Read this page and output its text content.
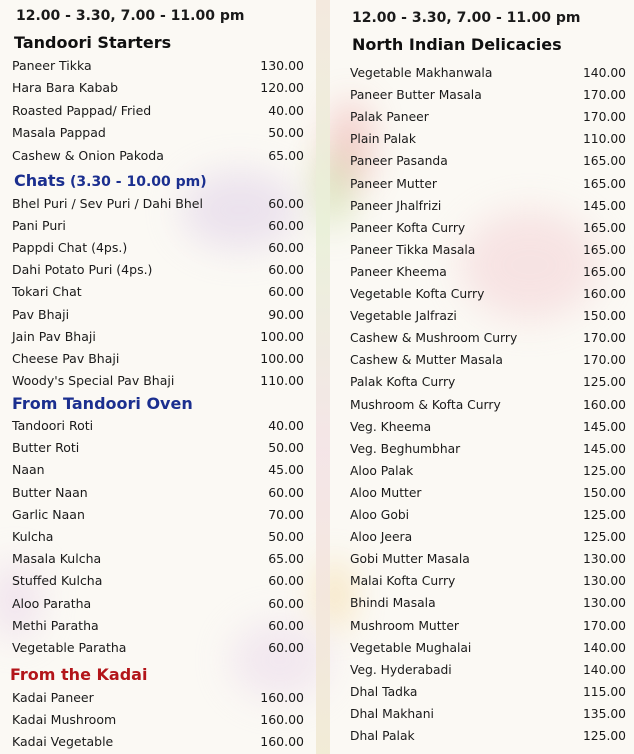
12.00 - 3.30, 7.00 - 11.00 pm
Tandoori Starters
Paneer Tikka	130.00
Hara Bara Kabab	120.00
Roasted Pappad/ Fried	40.00
Masala Pappad	50.00
Cashew & Onion Pakoda	65.00
Chats (3.30 - 10.00 pm)
Bhel Puri / Sev Puri / Dahi Bhel	60.00
Pani Puri	60.00
Pappdi Chat (4ps.)	60.00
Dahi Potato Puri (4ps.)	60.00
Tokari Chat	60.00
Pav Bhaji	90.00
Jain Pav Bhaji	100.00
Cheese Pav Bhaji	100.00
Woody's Special Pav Bhaji	110.00
From Tandoori Oven
Tandoori Roti	40.00
Butter Roti	50.00
Naan	45.00
Butter Naan	60.00
Garlic Naan	70.00
Kulcha	50.00
Masala Kulcha	65.00
Stuffed Kulcha	60.00
Aloo Paratha	60.00
Methi Paratha	60.00
Vegetable Paratha	60.00
From the Kadai
Kadai Paneer	160.00
Kadai Mushroom	160.00
Kadai Vegetable	160.00
12.00 - 3.30, 7.00 - 11.00 pm
North Indian Delicacies
Vegetable Makhanwala	140.00
Paneer Butter Masala	170.00
Palak Paneer	170.00
Plain Palak	110.00
Paneer Pasanda	165.00
Paneer Mutter	165.00
Paneer Jhalfrizi	145.00
Paneer Kofta Curry	165.00
Paneer Tikka Masala	165.00
Paneer Kheema	165.00
Vegetable Kofta Curry	160.00
Vegetable Jalfrazi	150.00
Cashew & Mushroom Curry	170.00
Cashew & Mutter Masala	170.00
Palak Kofta Curry	125.00
Mushroom & Kofta Curry	160.00
Veg. Kheema	145.00
Veg. Beghumbhar	145.00
Aloo Palak	125.00
Aloo Mutter	150.00
Aloo Gobi	125.00
Aloo Jeera	125.00
Gobi Mutter Masala	130.00
Malai Kofta Curry	130.00
Bhindi Masala	130.00
Mushroom Mutter	170.00
Vegetable Mughalai	140.00
Veg. Hyderabadi	140.00
Dhal Tadka	115.00
Dhal Makhani	135.00
Dhal Palak	125.00
